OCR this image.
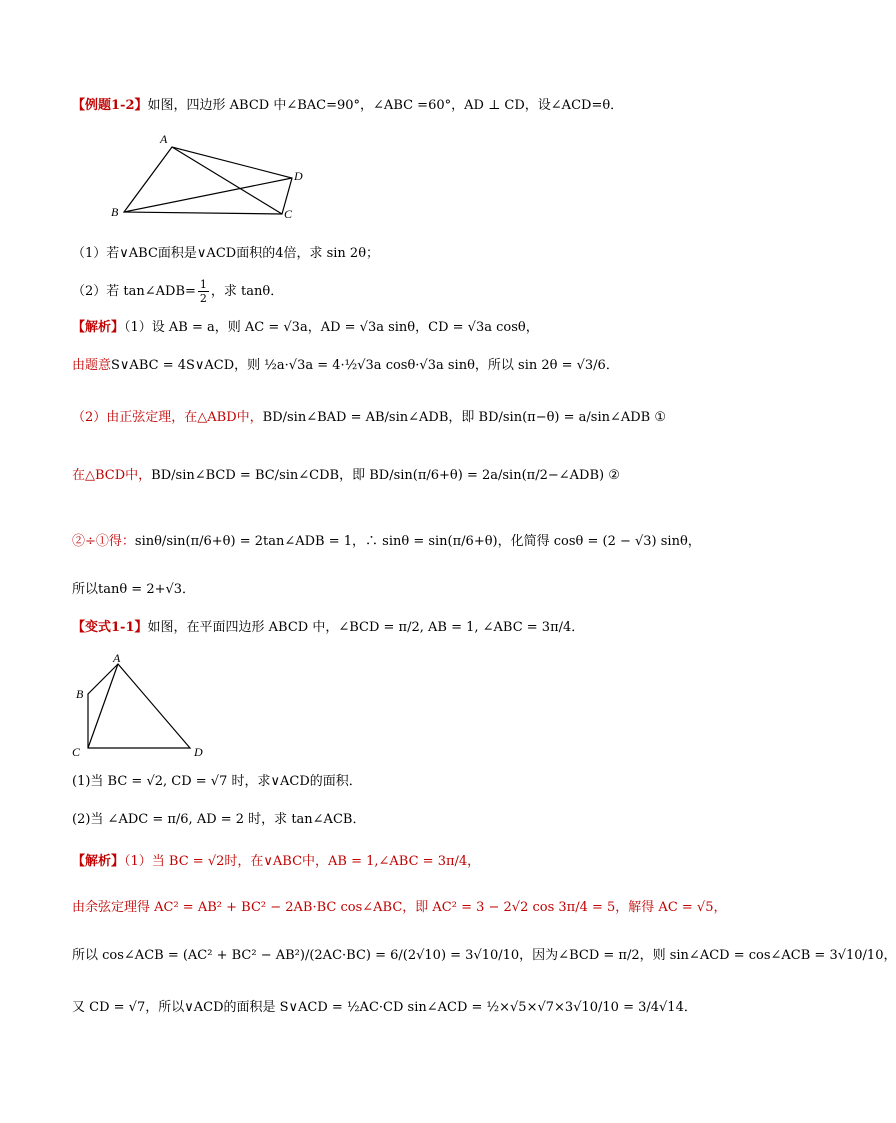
【例题1-2】如图，四边形 ABCD 中∠BAC=90°，∠ABC =60°，AD ⊥ CD，设∠ACD=θ．
A
B	C
D
（1）若∨ABC面积是∨ACD面积的4倍，求 sin 2θ；
（2）若 tan∠ADB= $\frac{1}{2}$ ，求 tanθ．
【解析】（1）设 AB = a，则 AC = √3a，AD = √3a sinθ，CD = √3a cosθ，
由题意S∨ABC = 4S∨ACD，则 ½a·√3a = 4·½√3a cosθ·√3a sinθ，所以 sin 2θ = √3/6．
（2）由正弦定理，在△ABD中，BD/sin∠BAD = AB/sin∠ADB，即 BD/sin(π−θ) = a/sin∠ADB ①
在△BCD中，BD/sin∠BCD = BC/sin∠CDB，即 BD/sin(π/6+θ) = 2a/sin(π/2−∠ADB) ②
②÷①得：sinθ/sin(π/6+θ) = 2tan∠ADB = 1，∴ sinθ = sin(π/6+θ)，化简得 cosθ = (2 − √3) sinθ，
所以tanθ = 2+√3．
【变式1-1】如图，在平面四边形 ABCD 中，∠BCD = π/2, AB = 1, ∠ABC = 3π/4．
A
B
C	D
(1)当 BC = √2, CD = √7 时，求∨ACD的面积．
(2)当 ∠ADC = π/6, AD = 2 时，求 tan∠ACB．
【解析】（1）当 BC = √2时，在∨ABC中，AB = 1,∠ABC = 3π/4，
由余弦定理得 AC² = AB² + BC² − 2AB·BC cos∠ABC，即 AC² = 3 − 2√2 cos 3π/4 = 5，解得 AC = √5，
所以 cos∠ACB = (AC² + BC² − AB²)/(2AC·BC) = 6/(2√10) = 3√10/10，因为∠BCD = π/2，则 sin∠ACD = cos∠ACB = 3√10/10，
又 CD = √7，所以∨ACD的面积是 S∨ACD = ½AC·CD sin∠ACD = ½×√5×√7×3√10/10 = 3/4√14．
